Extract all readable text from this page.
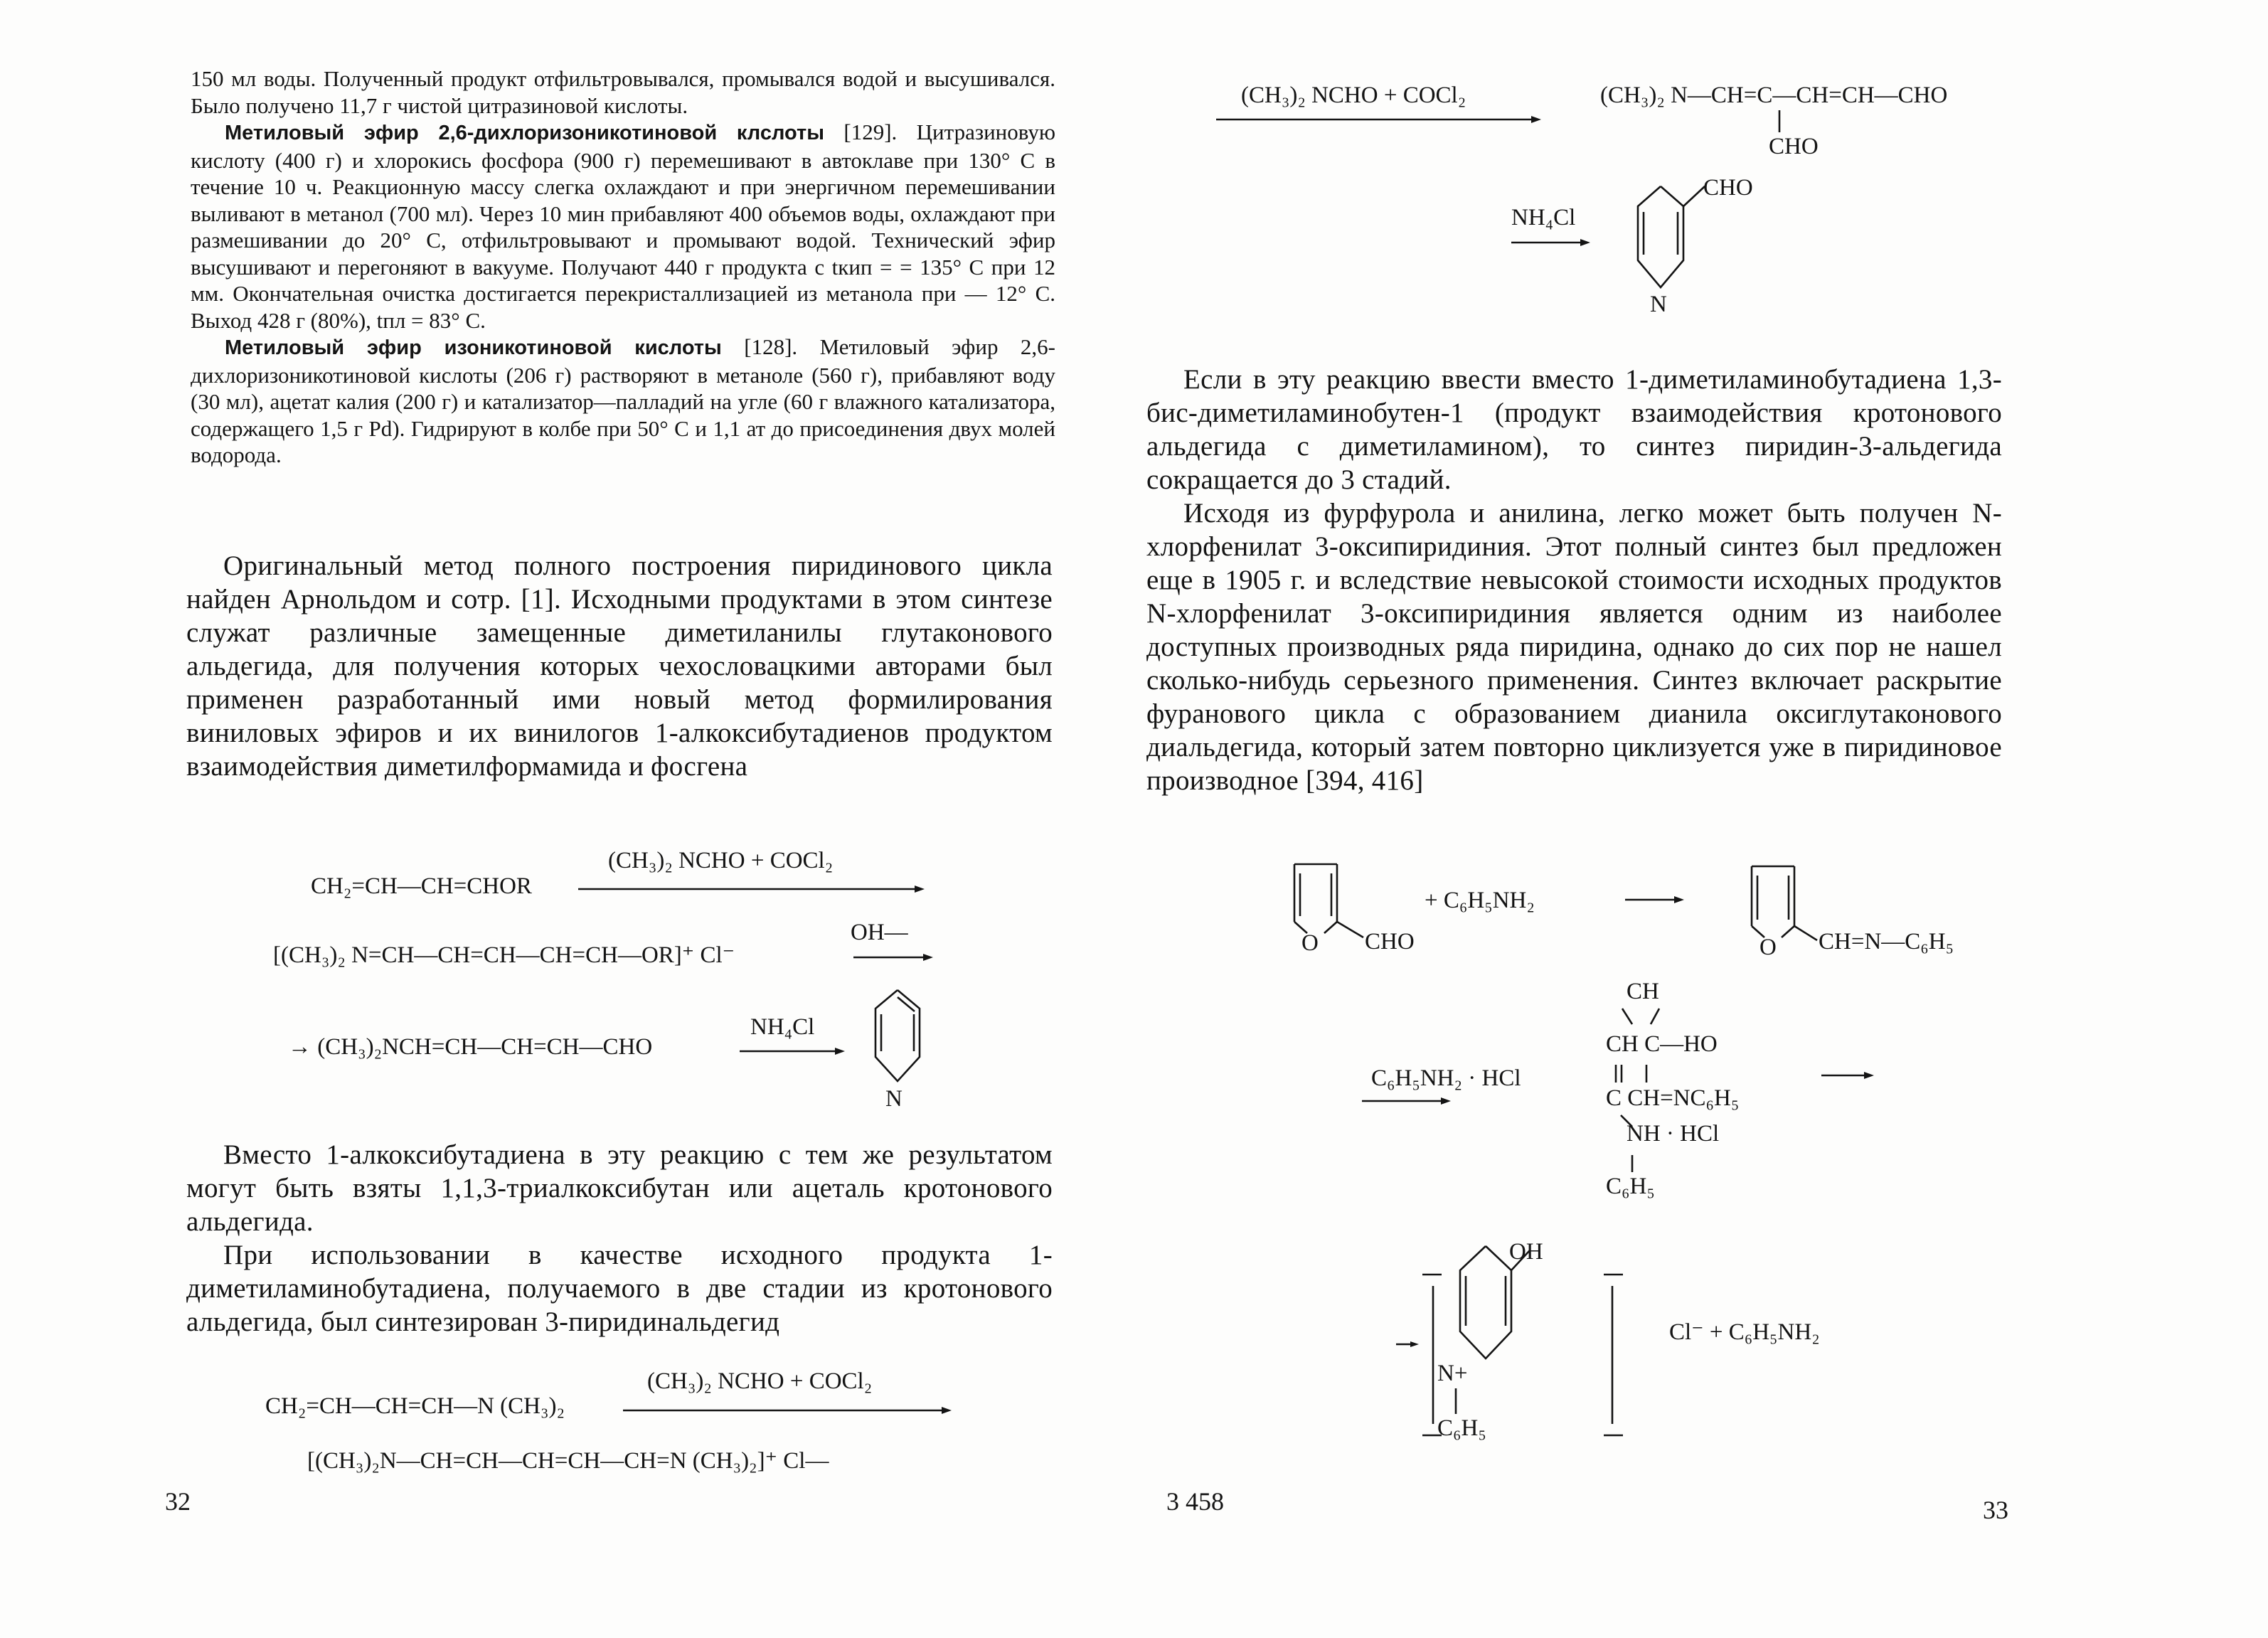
150 мл воды. Полученный продукт отфильтровывался, промывался водой и высушивался. Было получено 11,7 г чистой цитразиновой кислоты.

Метиловый эфир 2,6-дихлоризоникотиновой клслоты [129]. Цитразиновую кислоту (400 г) и хлорокись фосфора (900 г) перемешивают в автоклаве при 130° С в течение 10 ч. Реакционную массу слегка охлаждают и при энергичном перемешивании выливают в метанол (700 мл). Через 10 мин прибавляют 400 объемов воды, охлаждают при размешивании до 20° С, отфильтровывают и промывают водой. Технический эфир высушивают и перегоняют в вакууме. Получают 440 г продукта с tкип = = 135° С при 12 мм. Окончательная очистка достигается перекристаллизацией из метанола при — 12° С. Выход 428 г (80%), tпл = 83° С.

Метиловый эфир изоникотиновой кислоты [128]. Метиловый эфир 2,6-дихлоризоникотиновой кислоты (206 г) растворяют в метаноле (560 г), прибавляют воду (30 мл), ацетат калия (200 г) и катализатор—палладий на угле (60 г влажного катализатора, содержащего 1,5 г Pd). Гидрируют в колбе при 50° С и 1,1 ат до присоединения двух молей водорода.

Оригинальный метод полного построения пиридинового цикла найден Арнольдом и сотр. [1]. Исходными продуктами в этом синтезе служат различные замещенные диметиланилы глутаконового альдегида, для получения которых чехословацкими авторами был применен разработанный ими новый метод формилирования виниловых эфиров и их винилогов 1-алкоксибутадиенов продуктом взаимодействия диметилформамида и фосгена

CH₂=CH—CH=CHOR
(CH₃)₂ NCHO + COCl₂
[(CH₃)₂ N=CH—CH=CH—CH=CH—OR]⁺ Cl⁻
OH—
→ (CH₃)₂NCH=CH—CH=CH—CHO
NH₄Cl
N

Вместо 1-алкоксибутадиена в эту реакцию с тем же результатом могут быть взяты 1,1,3-триалкоксибутан или ацеталь кротонового альдегида.

При использовании в качестве исходного продукта 1-диметиламинобутадиена, получаемого в две стадии из кротонового альдегида, был синтезирован 3-пиридинальдегид

CH₂=CH—CH=CH—N (CH₃)₂
(CH₃)₂ NCHO + COCl₂
[(CH₃)₂N—CH=CH—CH=CH—CH=N (CH₃)₂]⁺ Cl—
32
(CH₃)₂ NCHO + COCl₂	(CH₃)₂ N—CH=C—CH=CH—CHO
CHO
NH₄Cl
CHO
N

Если в эту реакцию ввести вместо 1-диметиламинобутадиена 1,3-бис-диметиламинобутен-1 (продукт взаимодействия кротонового альдегида с диметиламином), то синтез пиридин-3-альдегида сокращается до 3 стадий.

Исходя из фурфурола и анилина, легко может быть получен N-хлорфенилат 3-оксипиридиния. Этот полный синтез был предложен еще в 1905 г. и вследствие невысокой стоимости исходных продуктов N-хлорфенилат 3-оксипиридиния является одним из наиболее доступных производных ряда пиридина, однако до сих пор не нашел сколько-нибудь серьезного применения. Синтез включает раскрытие фуранового цикла с образованием дианила оксиглутаконового диальдегида, который затем повторно циклизуется уже в пиридиновое производное [394, 416]

O CHO
+ C₆H₅NH₂
O CH=N—C₆H₅
C₆H₅NH₂ · HCl
CH
CH C—HO
C CH=NC₆H₅
NH · HCl
C₆H₅
OH
N+
C₆H₅
Cl⁻ + C₆H₅NH₂
3 458	33
